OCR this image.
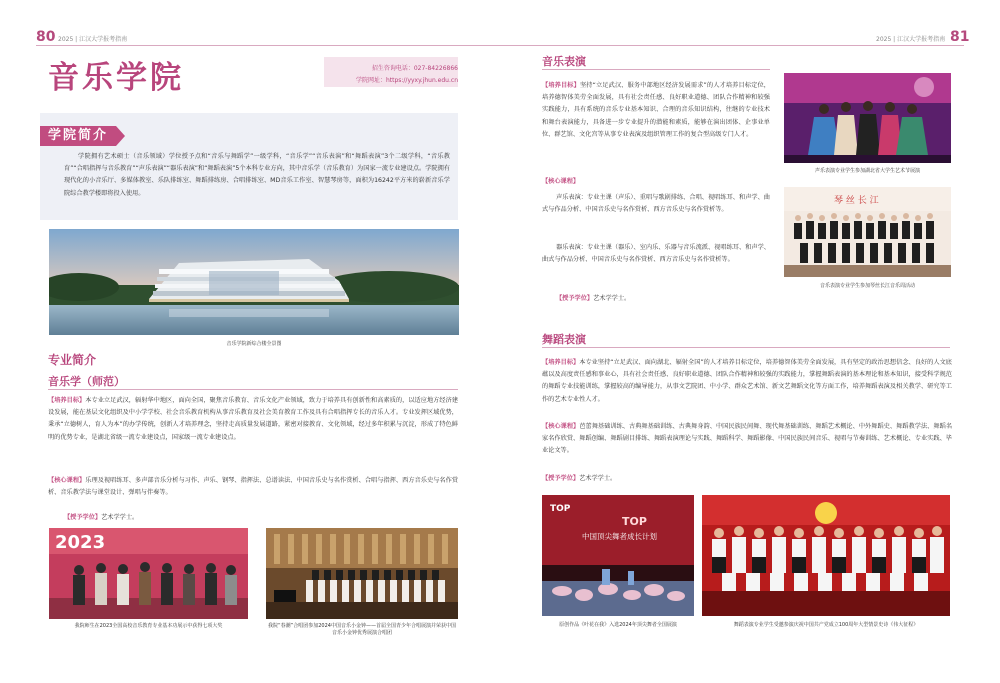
80 2025 | 江汉大学报考指南
音乐学院	招生咨询电话：027-84226866
学院网址：https://yyxy.jhun.edu.cn
学院简介
学院拥有艺术硕士（音乐领域）学位授予点和“音乐与舞蹈学”一级学科，“音乐学”“音乐表演”和“舞蹈表演”3个二级学科，“音乐教育”“合唱指挥与音乐教育”“声乐表演”“器乐表演”和“舞蹈表演”5个本科专业方向，其中音乐学（音乐教育）为国家一流专业建设点。学院拥有现代化的小音乐厅、多媒体教室、乐队排练室、舞蹈排练房、合唱排练室、MD音乐工作室、智慧琴房等，面积为16242平方米的崭新音乐学院综合教学楼即将投入使用。
音乐学院新综合楼全景图
专业简介
音乐学（师范）
【培养目标】本专业立足武汉，辐射华中地区，面向全国，聚焦音乐教育、音乐文化产业领域，致力于培养具有创新性和高素质的，以适应地方经济建设发展，能在基层文化组织及中小学学校、社会音乐教育机构从事音乐教育及社会美育教育工作及具有合唱指挥专长的音乐人才。专业发挥区域优势，秉承“立德树人，育人为本”的办学传统，创新人才培养理念，坚持走高质量发展道路，紧密对接教育、文化领域，经过多年积累与沉淀，形成了特色鲜明的优势专业，是湖北省级一流专业建设点，国家级一流专业建设点。
【核心课程】乐理及视唱练耳、多声部音乐分析与习作、声乐、钢琴、指挥法、总谱读法、中国音乐史与名作赏析、合唱与指挥、西方音乐史与名作赏析、音乐教学法与课堂设计、弹唱与伴奏等。
【授予学位】艺术学学士。
2023
我院师生在2023全国高校音乐教育专业基本功展示中获得七项大奖	我院“春潮”合唱团参加2024中国音乐小金钟——首届全国青少年合唱展演并荣获中国音乐小金钟优秀展演合唱团
81
2025 | 江汉大学报考指南
音乐表演
【培养目标】坚持“立足武汉、服务中部地区经济发展需求”的人才培养目标定位，培养德智体美劳全面发展，具有社会责任感、良好职业道德、团队合作精神和较强实践能力，具有系统的音乐专业基本知识、合理的音乐知识结构，往继的专业技术和舞台表演能力，具备进一步专业提升的潜能和素质，能够在演出团体、企事业单位、群艺馆、文化宫等从事专业表演及组织管理工作的复合型高级专门人才。
【核心课程】
声乐表演：专业主课（声乐）、重唱与歌剧排练、合唱、视唱练耳、和声学、曲式与作品分析、中国音乐史与名作赏析、西方音乐史与名作赏析等。
器乐表演：专业主课（器乐）、室内乐、乐器与音乐流派、视唱练耳、和声学、曲式与作品分析、中国音乐史与名作赏析、西方音乐史与名作赏析等。
【授予学位】艺术学学士。
声乐表演专业学生参加湖北省大学生艺术节展演
琴 丝 长 江
音乐表演专业学生参加琴丝长江音乐周活动
舞蹈表演
【培养目标】本专业坚持“立足武汉、面向湖北、辐射全国”的人才培养目标定位，培养德智体美劳全面发展，具有坚定的政治思想信念、良好的人文底蕴以及高度责任感和事业心，具有社会责任感、良好职业道德、团队合作精神和较强的实践能力，掌握舞蹈表演的基本理论和基本知识，接受科学规范的舞蹈专业技能训练，掌握较高的编导能力，从事文艺院团、中小学、群众艺术馆、新文艺舞蹈文化等方面工作，培养舞蹈表演及相关教学、研究等工作的艺术专业性人才。
【核心课程】芭蕾舞基础训练、古典舞基础训练、古典舞身韵、中国民族民间舞、现代舞基础训练、舞蹈艺术概论、中外舞蹈史、舞蹈教学法、舞蹈名家名作欣赏、舞蹈创编、舞蹈剧目排练、舞蹈表演理论与实践、舞蹈科学、舞蹈影像、中国民族民间音乐、视唱与节奏训练、艺术概论、专业实践、毕业论文等。
【授予学位】艺术学学士。
TOP
TOP
中国顶尖舞者成长计划
原创作品《叶花在我》入选2024年顶尖舞者全国展演	舞蹈表演专业学生受邀参演庆祝中国共产党成立100周年大型情景史诗《伟大征程》
